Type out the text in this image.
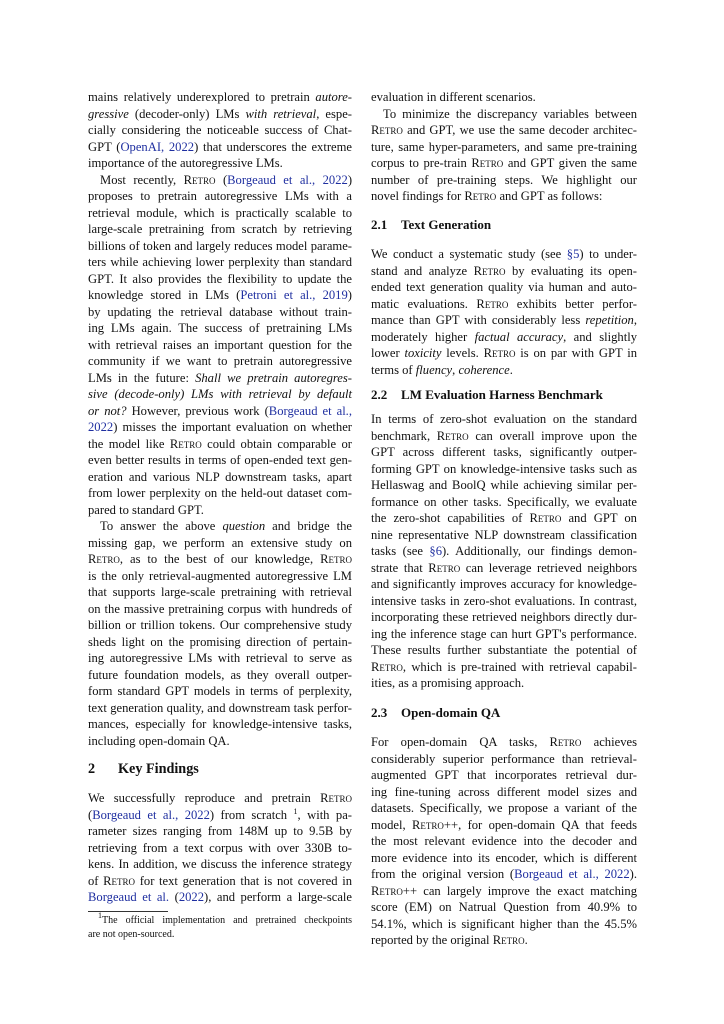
mains relatively underexplored to pretrain autore-
gressive (decoder-only) LMs with retrieval, espe-
cially considering the noticeable success of Chat-
GPT (OpenAI, 2022) that underscores the extreme
importance of the autoregressive LMs.
Most recently, Retro (Borgeaud et al., 2022)
proposes to pretrain autoregressive LMs with a
retrieval module, which is practically scalable to
large-scale pretraining from scratch by retrieving
billions of token and largely reduces model parame-
ters while achieving lower perplexity than standard
GPT. It also provides the flexibility to update the
knowledge stored in LMs (Petroni et al., 2019)
by updating the retrieval database without train-
ing LMs again. The success of pretraining LMs
with retrieval raises an important question for the
community if we want to pretrain autoregressive
LMs in the future: Shall we pretrain autoregres-
sive (decode-only) LMs with retrieval by default
or not? However, previous work (Borgeaud et al.,
2022) misses the important evaluation on whether
the model like Retro could obtain comparable or
even better results in terms of open-ended text gen-
eration and various NLP downstream tasks, apart
from lower perplexity on the held-out dataset com-
pared to standard GPT.
To answer the above question and bridge the
missing gap, we perform an extensive study on
Retro, as to the best of our knowledge, Retro
is the only retrieval-augmented autoregressive LM
that supports large-scale pretraining with retrieval
on the massive pretraining corpus with hundreds of
billion or trillion tokens. Our comprehensive study
sheds light on the promising direction of pertain-
ing autoregressive LMs with retrieval to serve as
future foundation models, as they overall outper-
form standard GPT models in terms of perplexity,
text generation quality, and downstream task perfor-
mances, especially for knowledge-intensive tasks,
including open-domain QA.
2 Key Findings
We successfully reproduce and pretrain Retro
(Borgeaud et al., 2022) from scratch $^1$, with pa-
rameter sizes ranging from 148M up to 9.5B by
retrieving from a text corpus with over 330B to-
kens. In addition, we discuss the inference strategy
of Retro for text generation that is not covered in
Borgeaud et al. (2022), and perform a large-scale
$^1$The official implementation and pretrained checkpoints
are not open-sourced.
evaluation in different scenarios.
To minimize the discrepancy variables between
Retro and GPT, we use the same decoder architec-
ture, same hyper-parameters, and same pre-training
corpus to pre-train Retro and GPT given the same
number of pre-training steps. We highlight our
novel findings for Retro and GPT as follows:
2.1 Text Generation
We conduct a systematic study (see §5) to under-
stand and analyze Retro by evaluating its open-
ended text generation quality via human and auto-
matic evaluations. Retro exhibits better perfor-
mance than GPT with considerably less repetition,
moderately higher factual accuracy, and slightly
lower toxicity levels. Retro is on par with GPT in
terms of fluency, coherence.
2.2 LM Evaluation Harness Benchmark
In terms of zero-shot evaluation on the standard
benchmark, Retro can overall improve upon the
GPT across different tasks, significantly outper-
forming GPT on knowledge-intensive tasks such as
Hellaswag and BoolQ while achieving similar per-
formance on other tasks. Specifically, we evaluate
the zero-shot capabilities of Retro and GPT on
nine representative NLP downstream classification
tasks (see §6). Additionally, our findings demon-
strate that Retro can leverage retrieved neighbors
and significantly improves accuracy for knowledge-
intensive tasks in zero-shot evaluations. In contrast,
incorporating these retrieved neighbors directly dur-
ing the inference stage can hurt GPT's performance.
These results further substantiate the potential of
Retro, which is pre-trained with retrieval capabil-
ities, as a promising approach.
2.3 Open-domain QA
For open-domain QA tasks, Retro achieves
considerably superior performance than retrieval-
augmented GPT that incorporates retrieval dur-
ing fine-tuning across different model sizes and
datasets. Specifically, we propose a variant of the
model, Retro++, for open-domain QA that feeds
the most relevant evidence into the decoder and
more evidence into its encoder, which is different
from the original version (Borgeaud et al., 2022).
Retro++ can largely improve the exact matching
score (EM) on Natrual Question from 40.9% to
54.1%, which is significant higher than the 45.5%
reported by the original Retro.
